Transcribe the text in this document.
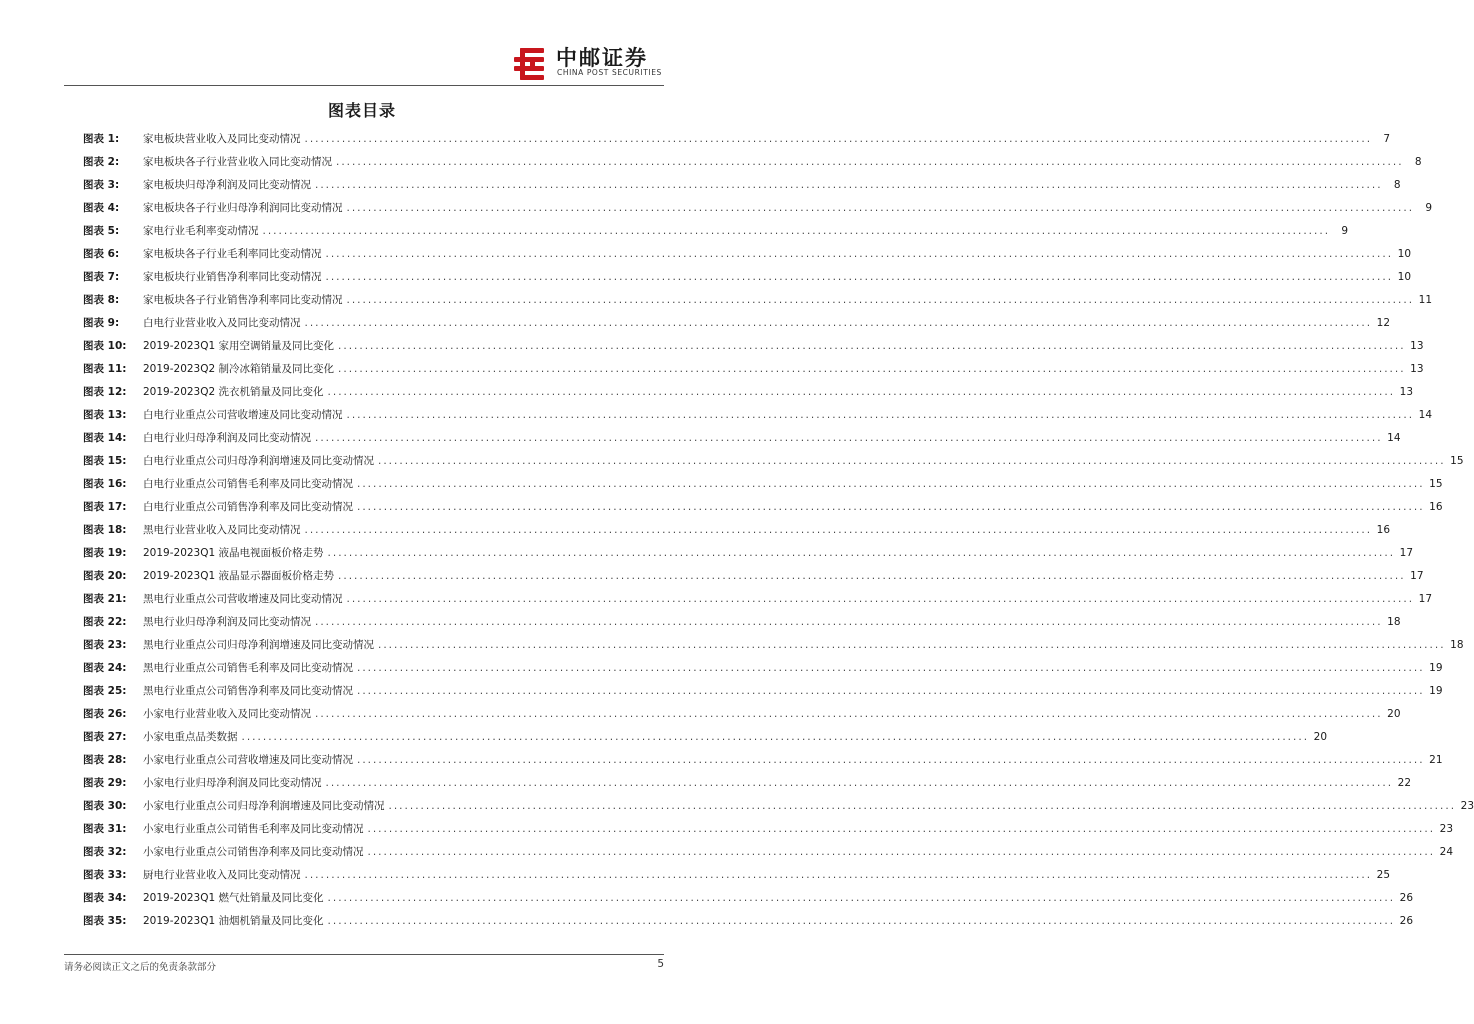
中邮证券
CHINA POST SECURITIES
图表目录
图表 1:	家电板块营业收入及同比变动情况 ........................................................................................................................................................................................................	7
图表 2:	家电板块各子行业营业收入同比变动情况 ........................................................................................................................................................................................................	8
图表 3:	家电板块归母净利润及同比变动情况 ........................................................................................................................................................................................................	8
图表 4:	家电板块各子行业归母净利润同比变动情况 ........................................................................................................................................................................................................	9
图表 5:	家电行业毛利率变动情况 ........................................................................................................................................................................................................	9
图表 6:	家电板块各子行业毛利率同比变动情况 ........................................................................................................................................................................................................ 10
图表 7:	家电板块行业销售净利率同比变动情况 ........................................................................................................................................................................................................ 10
图表 8:	家电板块各子行业销售净利率同比变动情况 ........................................................................................................................................................................................................ 11
图表 9:	白电行业营业收入及同比变动情况 ........................................................................................................................................................................................................ 12
图表 10:	2019-2023Q1 家用空调销量及同比变化 ........................................................................................................................................................................................................ 13
图表 11:	2019-2023Q2 制冷冰箱销量及同比变化 ........................................................................................................................................................................................................ 13
图表 12:	2019-2023Q2 洗衣机销量及同比变化 ........................................................................................................................................................................................................ 13
图表 13:	白电行业重点公司营收增速及同比变动情况 ........................................................................................................................................................................................................ 14
图表 14:	白电行业归母净利润及同比变动情况 ........................................................................................................................................................................................................ 14
图表 15:	白电行业重点公司归母净利润增速及同比变动情况 ........................................................................................................................................................................................................ 15
图表 16:	白电行业重点公司销售毛利率及同比变动情况 ........................................................................................................................................................................................................ 15
图表 17:	白电行业重点公司销售净利率及同比变动情况 ........................................................................................................................................................................................................ 16
图表 18:	黑电行业营业收入及同比变动情况 ........................................................................................................................................................................................................ 16
图表 19:	2019-2023Q1 液晶电视面板价格走势 ........................................................................................................................................................................................................ 17
图表 20:	2019-2023Q1 液晶显示器面板价格走势 ........................................................................................................................................................................................................ 17
图表 21:	黑电行业重点公司营收增速及同比变动情况 ........................................................................................................................................................................................................ 17
图表 22:	黑电行业归母净利润及同比变动情况 ........................................................................................................................................................................................................ 18
图表 23:	黑电行业重点公司归母净利润增速及同比变动情况 ........................................................................................................................................................................................................ 18
图表 24:	黑电行业重点公司销售毛利率及同比变动情况 ........................................................................................................................................................................................................ 19
图表 25:	黑电行业重点公司销售净利率及同比变动情况 ........................................................................................................................................................................................................ 19
图表 26:	小家电行业营业收入及同比变动情况 ........................................................................................................................................................................................................ 20
图表 27:	小家电重点品类数据 ........................................................................................................................................................................................................ 20
图表 28:	小家电行业重点公司营收增速及同比变动情况 ........................................................................................................................................................................................................ 21
图表 29:	小家电行业归母净利润及同比变动情况 ........................................................................................................................................................................................................ 22
图表 30:	小家电行业重点公司归母净利润增速及同比变动情况 ........................................................................................................................................................................................................ 23
图表 31:	小家电行业重点公司销售毛利率及同比变动情况 ........................................................................................................................................................................................................ 23
图表 32:	小家电行业重点公司销售净利率及同比变动情况 ........................................................................................................................................................................................................ 24
图表 33:	厨电行业营业收入及同比变动情况 ........................................................................................................................................................................................................ 25
图表 34:	2019-2023Q1 燃气灶销量及同比变化 ........................................................................................................................................................................................................ 26
图表 35:	2019-2023Q1 油烟机销量及同比变化 ........................................................................................................................................................................................................ 26
请务必阅读正文之后的免责条款部分	5
